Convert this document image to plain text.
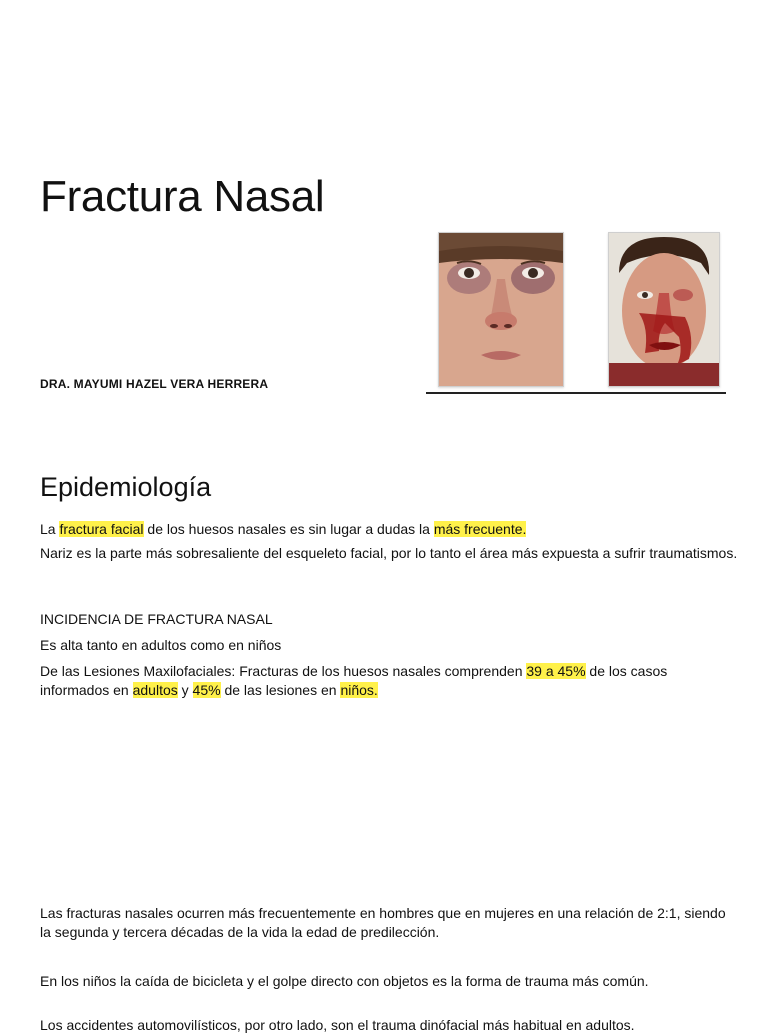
Fractura Nasal
DRA. MAYUMI HAZEL VERA HERRERA
Epidemiología

La fractura facial de los huesos nasales es sin lugar a dudas la más frecuente.

Nariz es la parte más sobresaliente del esqueleto facial, por lo tanto el área más expuesta a sufrir traumatismos.

INCIDENCIA DE FRACTURA NASAL

Es alta tanto en adultos como en niños

De las Lesiones Maxilofaciales: Fracturas de los huesos nasales comprenden 39 a 45% de los casos informados en adultos y 45% de las lesiones en niños.

Las fracturas nasales ocurren más frecuentemente en hombres que en mujeres en una relación de 2:1, siendo la segunda y tercera décadas de la vida la edad de predilección.

En los niños la caída de bicicleta y el golpe directo con objetos es la forma de trauma más común.

Los accidentes automovilísticos, por otro lado, son el trauma dinófacial más habitual en adultos.
